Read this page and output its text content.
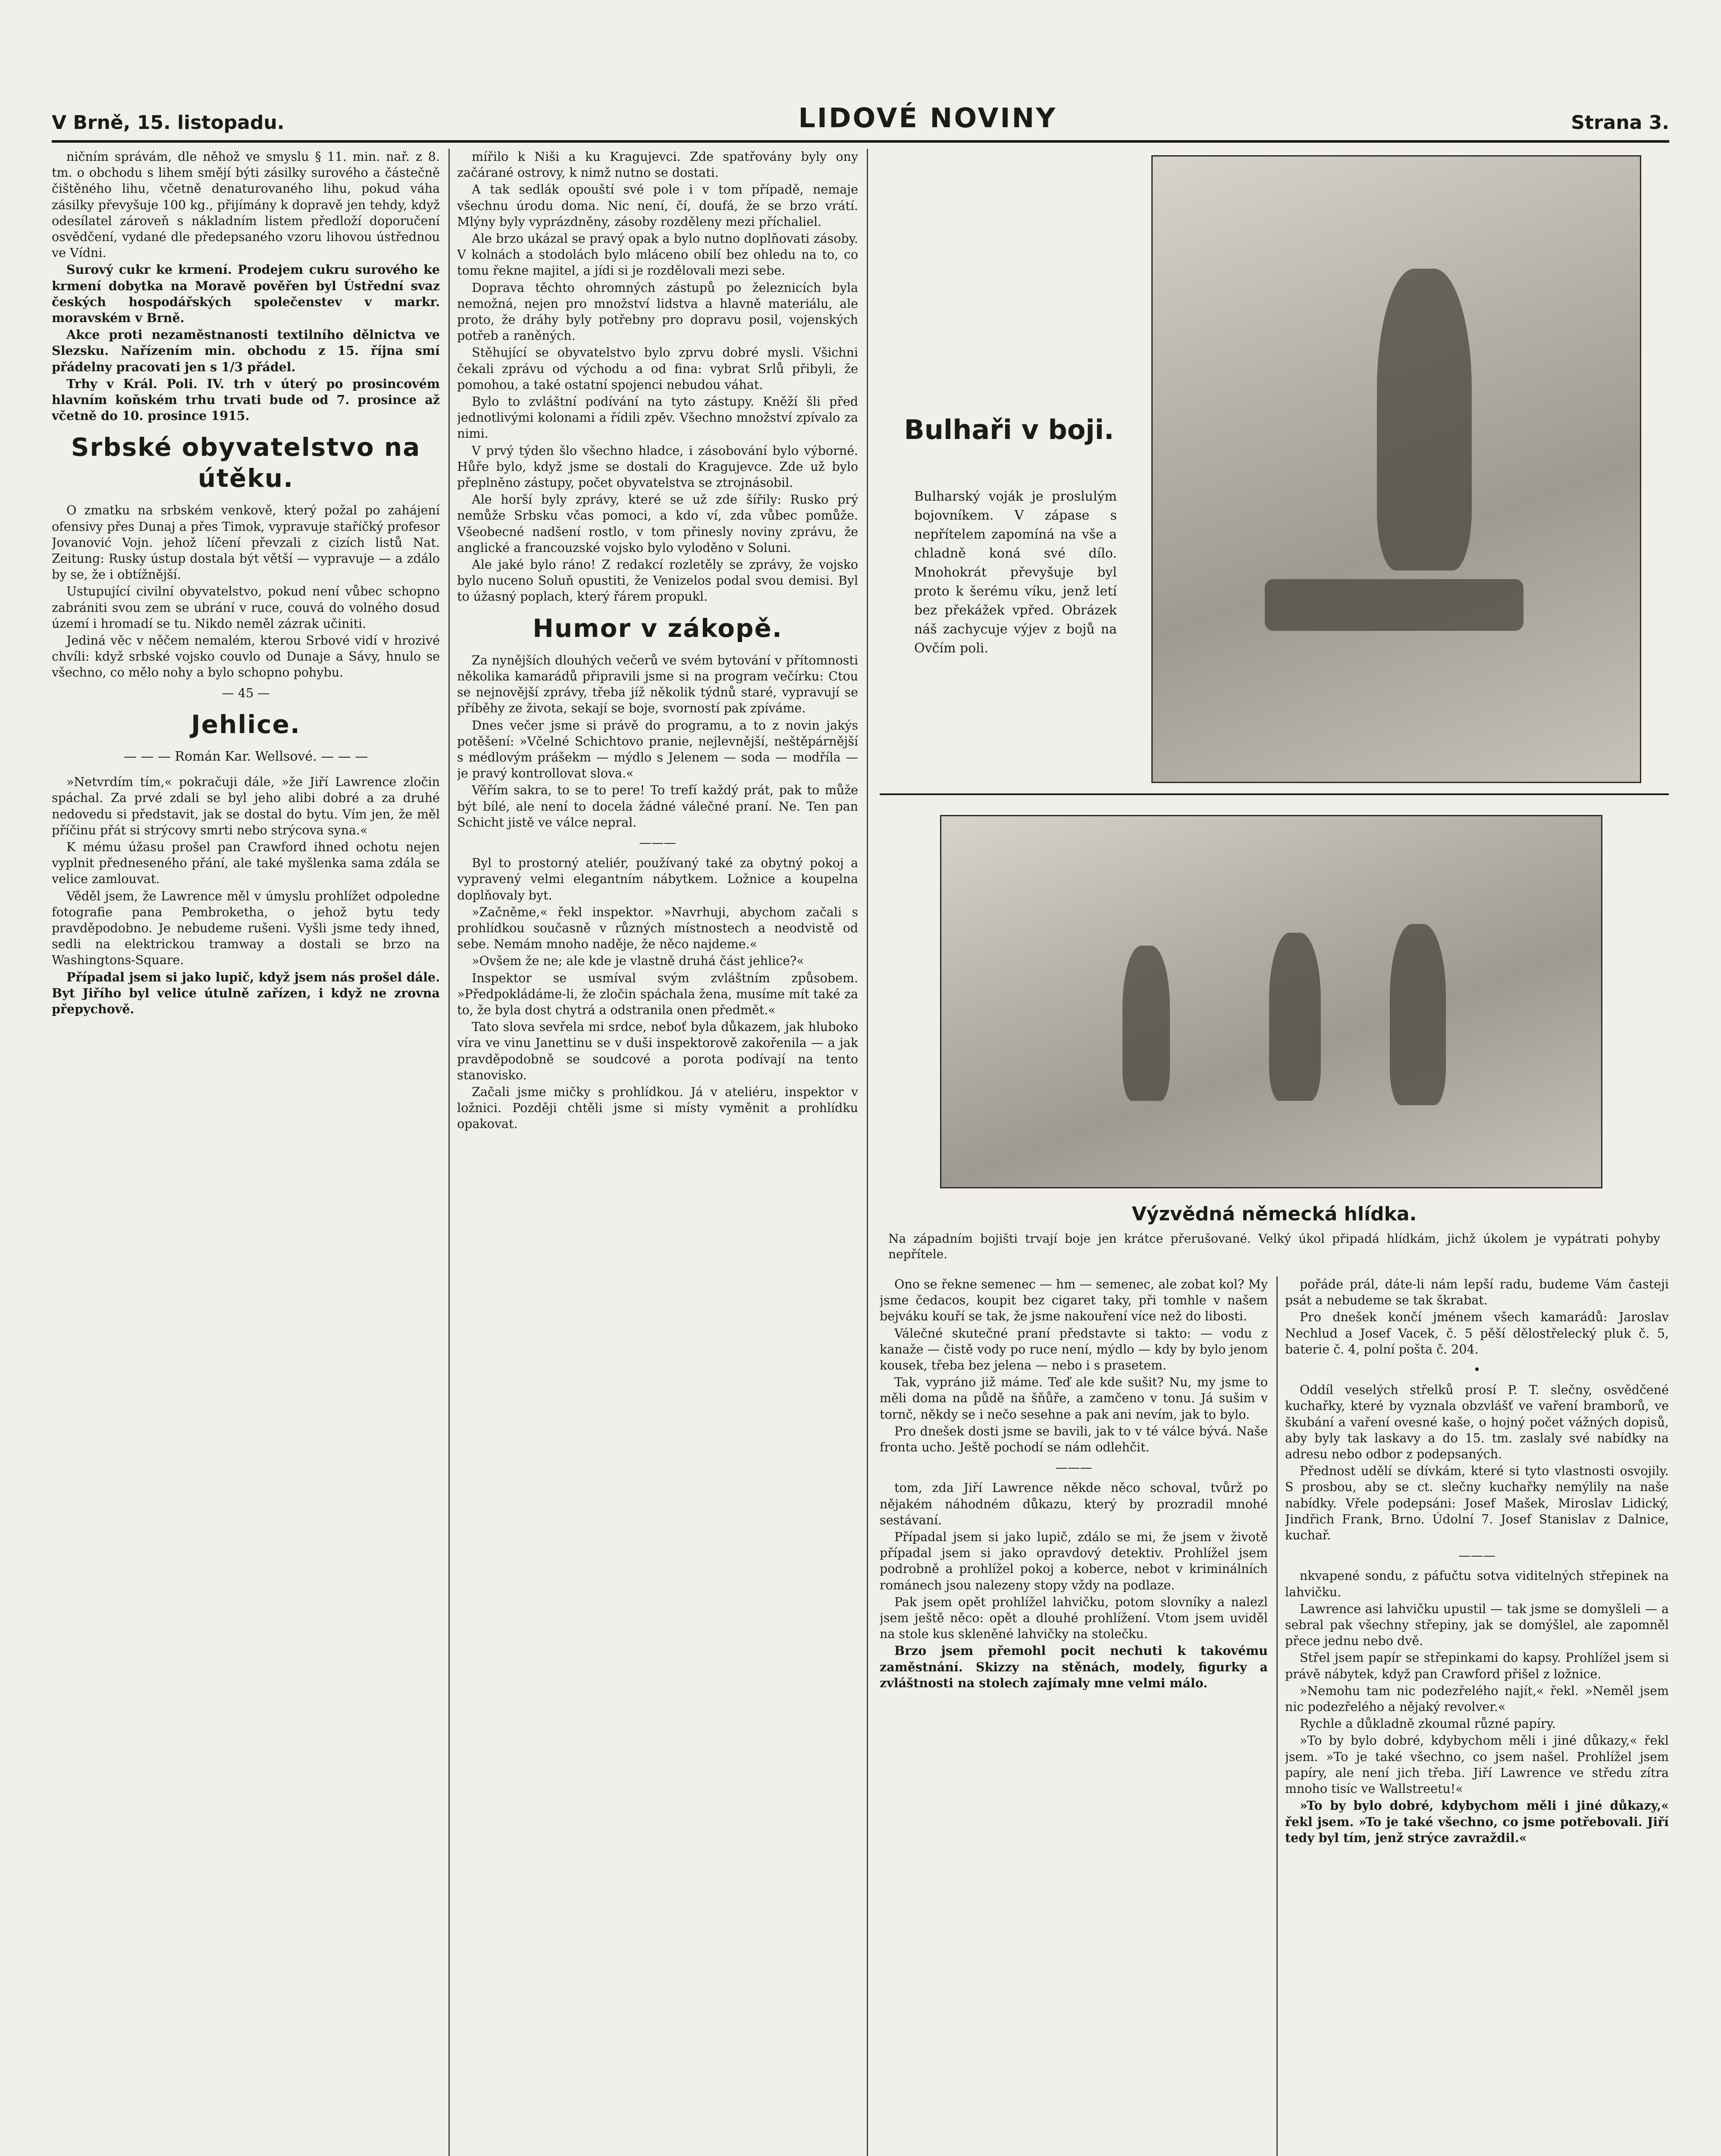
V Brně, 15. listopadu.	LIDOVÉ NOVINY	Strana 3.

ničním správám, dle něhož ve smyslu § 11. min. nař. z 8. tm. o obchodu s lihem smějí býti zásilky surového a částečně čištěného lihu, včetně denaturovaného lihu, pokud váha zásilky převyšuje 100 kg., přijímány k dopravě jen tehdy, když odesílatel zároveň s nákladním listem předloží doporučení osvědčení, vydané dle předepsaného vzoru lihovou ústřednou ve Vídni.

Surový cukr ke krmení. Prodejem cukru surového ke krmení dobytka na Moravě pověřen byl Ústřední svaz českých hospodářských společenstev v markr. moravském v Brně.

Akce proti nezaměstnanosti textilního dělnictva ve Slezsku. Nařízením min. obchodu z 15. října smí přádelny pracovati jen s 1/3 přádel.

Trhy v Král. Poli. IV. trh v úterý po prosincovém hlavním koňském trhu trvati bude od 7. prosince až včetně do 10. prosince 1915.

Srbské obyvatelstvo na útěku.

O zmatku na srbském venkově, který požal po zahájení ofensivy přes Dunaj a přes Timok, vypravuje staříčký profesor Jovanović Vojn. jehož líčení převzali z cizích listů Nat. Zeitung: Rusky ústup dostala být větší — vypravuje — a zdálo by se, že i obtížnější.

Ustupující civilní obyvatelstvo, pokud není vůbec schopno zabrániti svou zem se ubrání v ruce, couvá do volného dosud území i hromadí se tu. Nikdo neměl zázrak učiniti.

Jediná věc v něčem nemalém, kterou Srbové vidí v hrozivé chvíli: když srbské vojsko couvlo od Dunaje a Sávy, hnulo se všechno, co mělo nohy a bylo schopno pohybu.

— 45 —
Jehlice.
— — — Román Kar. Wellsové. — — —

»Netvrdím tím,« pokračuji dále, »že Jiří Lawrence zločin spáchal. Za prvé zdali se byl jeho alibi dobré a za druhé nedovedu si představit, jak se dostal do bytu. Vím jen, že měl příčinu přát si strýcovy smrti nebo strýcova syna.«

K mému úžasu prošel pan Crawford ihned ochotu nejen vyplnit předneseného přání, ale také myšlenka sama zdála se velice zamlouvat.

Věděl jsem, že Lawrence měl v úmyslu prohlížet odpoledne fotografie pana Pembroketha, o jehož bytu tedy pravděpodobno. Je nebudeme rušeni. Vyšli jsme tedy ihned, sedli na elektrickou tramway a dostali se brzo na Washingtons-Square.

Případal jsem si jako lupič, když jsem nás prošel dále. Byt Jiřího byl velice útulně zařízen, i když ne zrovna přepychově.

mířilo k Niši a ku Kragujevci. Zde spatřovány byly ony začárané ostrovy, k nimž nutno se dostati.

A tak sedlák opouští své pole i v tom případě, nemaje všechnu úrodu doma. Nic není, čí, doufá, že se brzo vrátí. Mlýny byly vyprázdněny, zásoby rozděleny mezi příchaliel.

Ale brzo ukázal se pravý opak a bylo nutno doplňovati zásoby. V kolnách a stodolách bylo mlácenо obilí bez ohledu na to, co tomu řekne majitel, a jídi si je rozdělovali mezi sebe.

Doprava těchto ohromných zástupů po železnicích byla nemožná, nejen pro množství lidstva a hlavně materiálu, ale proto, že dráhy byly potřebny pro dopravu posil, vojenských potřeb a raněných.

Stěhující se obyvatelstvo bylo zprvu dobré mysli. Všichni čekali zprávu od východu a od fina: vybrat Srlů přibyli, že pomohou, a také ostatní spojenci nebudou váhat.

Bylo to zvláštní podívání na tyto zástupy. Kněží šli před jednotlivými kolonami a řídili zpěv. Všechno množství zpívalo za nimi.

V prvý týden šlo všechno hladce, i zásobování bylo výborné. Hůře bylo, když jsme se dostali do Kragujevce. Zde už bylo přeplněno zástupy, počet obyvatelstva se ztrojnásobil.

Ale horší byly zprávy, které se už zde šířily: Rusko prý nemůže Srbsku včas pomoci, a kdo ví, zda vůbec pomůže. Všeobecné nadšení rostlo, v tom přinesly noviny zprávu, že anglické a francouzské vojsko bylo vyloděno v Soluni.

Ale jaké bylo ráno! Z redakcí rozletěly se zprávy, že vojsko bylo nucenо Soluň opustiti, že Venizelos podal svou demisi. Byl to úžasný poplach, který řárem propukl.

Humor v zákopě.

Za nynějších dlouhých večerů ve svém bytování v přítomnosti několika kamarádů připravili jsme si na program večírku: Ctou se nejnovější zprávy, třeba jíž několik týdnů staré, vypravují se příběhy ze života, sekají se boje, svorností pak zpíváme.

Dnes večer jsme si právě do programu, a to z novin jakýs potěšení: »Včelné Schichtovo pranie, nejlevnější, neštěpárnější s médlovým prášekm — mýdlo s Jelenem — soda — modříla — je pravý kontrollovat slova.«

Věřím sakra, to se to pere! To trefí každý prát, pak to může být bílé, ale není to docela žádné válečné praní. Ne. Ten pan Schicht jistě ve válce nepral.

———

Byl to prostorný ateliér, používaný také za obytný pokoj a vypravený velmi elegantním nábytkem. Ložnice a koupelna doplňovaly byt.

»Začněme,« řekl inspektor. »Navrhuji, abychom začali s prohlídkou současně v různých místnostech a neodvistě od sebe. Nemám mnoho naděje, že něco najdeme.«

»Ovšem že ne; ale kde je vlastně druhá část jehlice?«

Inspektor se usmíval svým zvláštním způsobem. »Předpokládáme-li, že zločin spáchala žena, musíme mít také za to, že byla dost chytrá a odstranila onen předmět.«

Tato slova sevřela mi srdce, neboť byla důkazem, jak hluboko víra ve vinu Janettinu se v duši inspektorově zakořenila — a jak pravděpodobně se soudcové a porota podívají na tento stanovisko.

Začali jsme mičky s prohlídkou. Já v ateliéru, inspektor v ložnici. Později chtěli jsme si místy vyměnit a prohlídku opakovat.

Bulhaři v boji.
Bulharský voják je proslulým bojovníkem. V zápase s nepřítelem zapomíná na vše a chladně koná své dílo. Mnohokrát převyšuje byl proto k šerému víku, jenž letí bez překážek vpřed. Obrázek náš zachycuje výjev z bojů na Ovčím poli.
Výzvědná německá hlídka.
Na západním bojišti trvají boje jen krátce přerušované. Velký úkol připadá hlídkám, jichž úkolem je vypátrati pohyby nepřítele.

Ono se řekne semenec — hm — semenec, ale zobat kol? My jsme čedacos, koupit bez cigaret taky, při tomhle v našem bejváku kouří se tak, že jsme nakouření více než do libosti.

Válečné skutečné praní představte si takto: — vodu z kanaže — čistě vody po ruce není, mýdlo — kdy by bylo jenom kousek, třeba bez jelena — nebo i s prasetem.

Tak, vypráno již máme. Teď ale kde sušit? Nu, my jsme to měli doma na půdě na šňůře, a zamčeno v tonu. Já sušim v tornč, někdy se i nečo sesehne a pak ani nevím, jak to bylo.

Pro dnešek dosti jsme se bavili, jak to v té válce bývá. Naše fronta ucho. Ještě pochodí se nám odlehčit.

———

tom, zda Jiří Lawrence někde něco schoval, tvůrž po nějakém náhodném důkazu, který by prozradil mnohé sestávaní.

Případal jsem si jako lupič, zdálo se mi, že jsem v životě případal jsem si jako opravdový detektiv. Prohlížel jsem podrobně a prohlížel pokoj a koberce, nebot v kriminálních románech jsou nalezeny stopy vždy na podlaze.

Pak jsem opět prohlížel lahvičku, potom slovníky a nalezl jsem ještě něco: opět a dlouhé prohlížení. Vtom jsem uviděl na stole kus skleněné lahvičky na stolečku.

Brzo jsem přemohl pocit nechuti k takovému zaměstnání. Skizzy na stěnách, modely, figurky a zvláštnosti na stolech zajímaly mne velmi málo.

pořáde prál, dáte-li nám lepší radu, budeme Vám časteji psát a nebudeme se tak škrabat.

Pro dnešek končí jménem všech kamarádů: Jaroslav Nechlud a Josef Vacek, č. 5 pěší dělostřelecký pluk č. 5, baterie č. 4, polní pošta č. 204.

•

Oddíl veselých střelků prosí P. T. slečny, osvědčené kuchařky, které by vyznala obzvlášť ve vaření bramborů, ve škubání a vaření ovesné kaše, o hojný počet vážných dopisů, aby byly tak laskavy a do 15. tm. zaslaly své nabídky na adresu nebo odbor z podepsaných.

Přednost udělí se dívkám, které si tyto vlastnosti osvojily. S prosbou, aby se ct. slečny kuchařky nemýlily na naše nabídky. Vřele podepsáni: Josef Mašek, Miroslav Lidický, Jindřich Frank, Brno. Údolní 7. Josef Stanislav z Dalnice, kuchař.

———

nkvapené sondu, z páfučtu sotva viditelných střepinek na lahvičku.

Lawrence asi lahvičku upustil — tak jsme se domyšleli — a sebral pak všechny střepiny, jak se domýšlel, ale zapomněl přece jednu nebo dvě.

Střel jsem papír se střepinkami do kapsy. Prohlížel jsem si právě nábytek, když pan Crawford přišel z ložnice.

»Nemohu tam nic podezřelého najít,« řekl. »Neměl jsem nic podezřelého a nějaký revolver.«

Rychle a důkladně zkoumal různé papíry.

»To by bylo dobré, kdybychom měli i jiné důkazy,« řekl jsem. »To je také všechno, co jsem našel. Prohlížel jsem papíry, ale není jich třeba. Jiří Lawrence ve středu zítra mnoho tisíc ve Wallstreetu!«

»To by bylo dobré, kdybychom měli i jiné důkazy,« řekl jsem. »To je také všechno, co jsme potřebovali. Jiří tedy byl tím, jenž strýce zavraždil.«
